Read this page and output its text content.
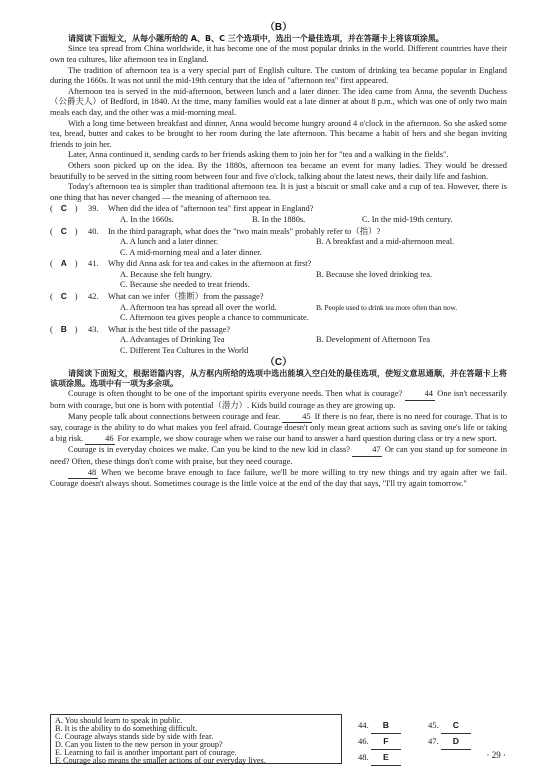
（B）

请阅读下面短文，从每小题所给的 A、B、C 三个选项中，选出一个最佳选项，并在答题卡上将该项涂黑。

Since tea spread from China worldwide, it has become one of the most popular drinks in the world. Different countries have their own tea cultures, like afternoon tea in England.

The tradition of afternoon tea is a very special part of English culture. The custom of drinking tea became popular in England during the 1660s. It was not until the mid-19th century that the idea of "afternoon tea" first appeared.

Afternoon tea is served in the mid-afternoon, between lunch and a later dinner. The idea came from Anna, the seventh Duchess（公爵夫人）of Bedford, in 1840. At the time, many families would eat a late dinner at about 8 p.m., which was one of only two main meals each day, and the other was a mid-morning meal.

With a long time between breakfast and dinner, Anna would become hungry around 4 o'clock in the afternoon. So she asked some tea, bread, butter and cakes to be brought to her room during the late afternoon. This became a habit of hers and she began inviting friends to join her.

Later, Anna continued it, sending cards to her friends asking them to join her for "tea and a walking in the fields".

Others soon picked up on the idea. By the 1880s, afternoon tea became an event for many ladies. They would be dressed beautifully to be served in the sitting room between four and five o'clock, talking about the latest news, their daily life and fashion.

Today's afternoon tea is simpler than traditional afternoon tea. It is just a biscuit or small cake and a cup of tea. However, there is one thing that has never changed — the meaning of afternoon tea.

( C )	39.	When did the idea of "afternoon tea" first appear in England?
A. In the 1660s.	B. In the 1880s.	C. In the mid-19th century.
( C )	40.	In the third paragraph, what does the "two main meals" probably refer to（指）?
A. A lunch and a later dinner.	B. A breakfast and a mid-afternoon meal.
C. A mid-morning meal and a later dinner.
( A )	41.	Why did Anna ask for tea and cakes in the afternoon at first?
A. Because she felt hungry.	B. Because she loved drinking tea.
C. Because she needed to treat friends.
( C )	42.	What can we infer（推断）from the passage?
A. Afternoon tea has spread all over the world.	B. People used to drink tea more often than now.
C. Afternoon tea gives people a chance to communicate.
( B )	43.	What is the best title of the passage?
A. Advantages of Drinking Tea	B. Development of Afternoon Tea
C. Different Tea Cultures in the World
（C）

请阅读下面短文，根据语篇内容，从方框内所给的选项中选出能填入空白处的最佳选项，使短文意思通顺，并在答题卡上将该项涂黑。选项中有一项为多余项。

Courage is often thought to be one of the important spirits everyone needs. Then what is courage?	44 One isn't necessarily born with courage, but one is born with potential（潜力）. Kids build courage as they are growing up.

Many people talk about connections between courage and fear.	45 If there is no fear, there is no need for courage. That is to say, courage is the ability to do what makes you feel afraid. Courage doesn't only mean great actions such as saving one's life or taking a big risk.	46 For example, we show courage when we raise our hand to answer a hard question during class or try a new sport.

Courage is in everyday choices we make. Can you be kind to the new kid in class?	47 Or can you stand up for someone in need? Often, these things don't come with praise, but they need courage.

48 When we become brave enough to face failure, we'll be more willing to try new things and try again after we fail. Courage doesn't always shout. Sometimes courage is the little voice at the end of the day that says, "I'll try again tomorrow."

A. You should learn to speak in public.
B. It is the ability to do something difficult.
C. Courage always stands side by side with fear.
D. Can you listen to the new person in your group?
E. Learning to fail is another important part of courage.
F. Courage also means the smaller actions of our everyday lives.
44. B	45. C
46. F	47. D
48. E	· 29 ·
